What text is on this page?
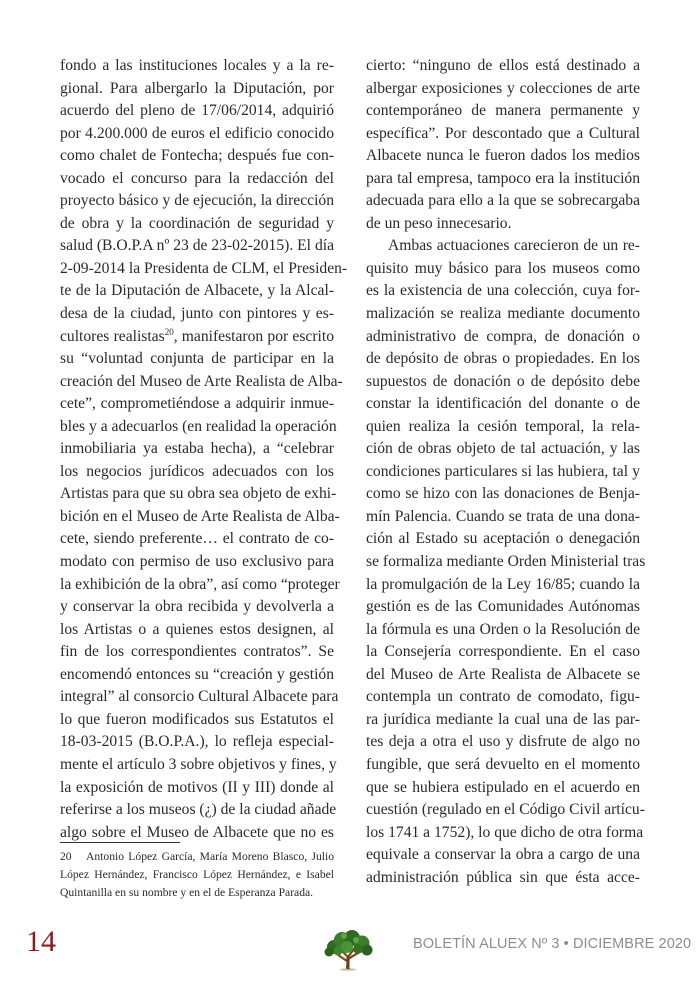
fondo a las instituciones locales y a la re-
gional. Para albergarlo la Diputación, por
acuerdo del pleno de 17/06/2014, adquirió
por 4.200.000 de euros el edificio conocido
como chalet de Fontecha; después fue con-
vocado el concurso para la redacción del
proyecto básico y de ejecución, la dirección
de obra y la coordinación de seguridad y
salud (B.O.P.A nº 23 de 23-02-2015). El día
2-09-2014 la Presidenta de CLM, el Presiden-
te de la Diputación de Albacete, y la Alcal-
desa de la ciudad, junto con pintores y es-
cultores realistas$^{20}$, manifestaron por escrito
su “voluntad conjunta de participar en la
creación del Museo de Arte Realista de Alba-
cete”, comprometiéndose a adquirir inmue-
bles y a adecuarlos (en realidad la operación
inmobiliaria ya estaba hecha), a “celebrar
los negocios jurídicos adecuados con los
Artistas para que su obra sea objeto de exhi-
bición en el Museo de Arte Realista de Alba-
cete, siendo preferente… el contrato de co-
modato con permiso de uso exclusivo para
la exhibición de la obra”, así como “proteger
y conservar la obra recibida y devolverla a
los Artistas o a quienes estos designen, al
fin de los correspondientes contratos”. Se
encomendó entonces su “creación y gestión
integral” al consorcio Cultural Albacete para
lo que fueron modificados sus Estatutos el
18-03-2015 (B.O.P.A.), lo refleja especial-
mente el artículo 3 sobre objetivos y fines, y
la exposición de motivos (II y III) donde al
referirse a los museos (¿) de la ciudad añade
algo sobre el Museo de Albacete que no es
cierto: “ninguno de ellos está destinado a
albergar exposiciones y colecciones de arte
contemporáneo de manera permanente y
específica”. Por descontado que a Cultural
Albacete nunca le fueron dados los medios
para tal empresa, tampoco era la institución
adecuada para ello a la que se sobrecargaba
de un peso innecesario.
Ambas actuaciones carecieron de un re-
quisito muy básico para los museos como
es la existencia de una colección, cuya for-
malización se realiza mediante documento
administrativo de compra, de donación o
de depósito de obras o propiedades. En los
supuestos de donación o de depósito debe
constar la identificación del donante o de
quien realiza la cesión temporal, la rela-
ción de obras objeto de tal actuación, y las
condiciones particulares si las hubiera, tal y
como se hizo con las donaciones de Benja-
mín Palencia. Cuando se trata de una dona-
ción al Estado su aceptación o denegación
se formaliza mediante Orden Ministerial tras
la promulgación de la Ley 16/85; cuando la
gestión es de las Comunidades Autónomas
la fórmula es una Orden o la Resolución de
la Consejería correspondiente. En el caso
del Museo de Arte Realista de Albacete se
contempla un contrato de comodato, figu-
ra jurídica mediante la cual una de las par-
tes deja a otra el uso y disfrute de algo no
fungible, que será devuelto en el momento
que se hubiera estipulado en el acuerdo en
cuestión (regulado en el Código Civil artícu-
los 1741 a 1752), lo que dicho de otra forma
equivale a conservar la obra a cargo de una
administración pública sin que ésta acce-
20 Antonio López García, María Moreno Blasco, Julio
López Hernández, Francisco López Hernández, e Isabel
Quintanilla en su nombre y en el de Esperanza Parada.
14	BOLETÍN ALUEX Nº 3 • DICIEMBRE 2020
